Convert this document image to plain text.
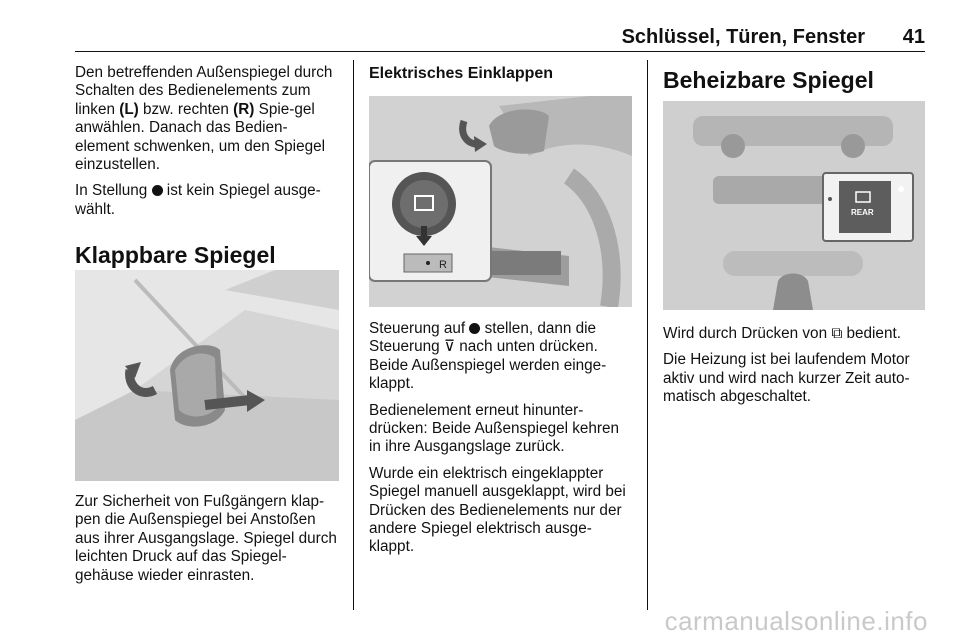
Schlüssel, Türen, Fenster 41

Den betreffenden Außenspiegel durch Schalten des Bedienelements zum linken (L) bzw. rechten (R) Spie-gel anwählen. Danach das Bedien-element schwenken, um den Spiegel einzustellen.

In Stellung  ist kein Spiegel ausge-wählt.

Klappbare Spiegel

Zur Sicherheit von Fußgängern klap-pen die Außenspiegel bei Anstoßen aus ihrer Ausgangslage. Spiegel durch leichten Druck auf das Spiegel-gehäuse wieder einrasten.

Elektrisches Einklappen
R

Steuerung auf  stellen, dann die Steuerung ⊽ nach unten drücken. Beide Außenspiegel werden einge-klappt.

Bedienelement erneut hinunter-drücken: Beide Außenspiegel kehren in ihre Ausgangslage zurück.

Wurde ein elektrisch eingeklappter Spiegel manuell ausgeklappt, wird bei Drücken des Bedienelements nur der andere Spiegel elektrisch ausge-klappt.

Beheizbare Spiegel
REAR

Wird durch Drücken von ⧉ bedient.

Die Heizung ist bei laufendem Motor aktiv und wird nach kurzer Zeit auto-matisch abgeschaltet.

carmanualsonline.info
